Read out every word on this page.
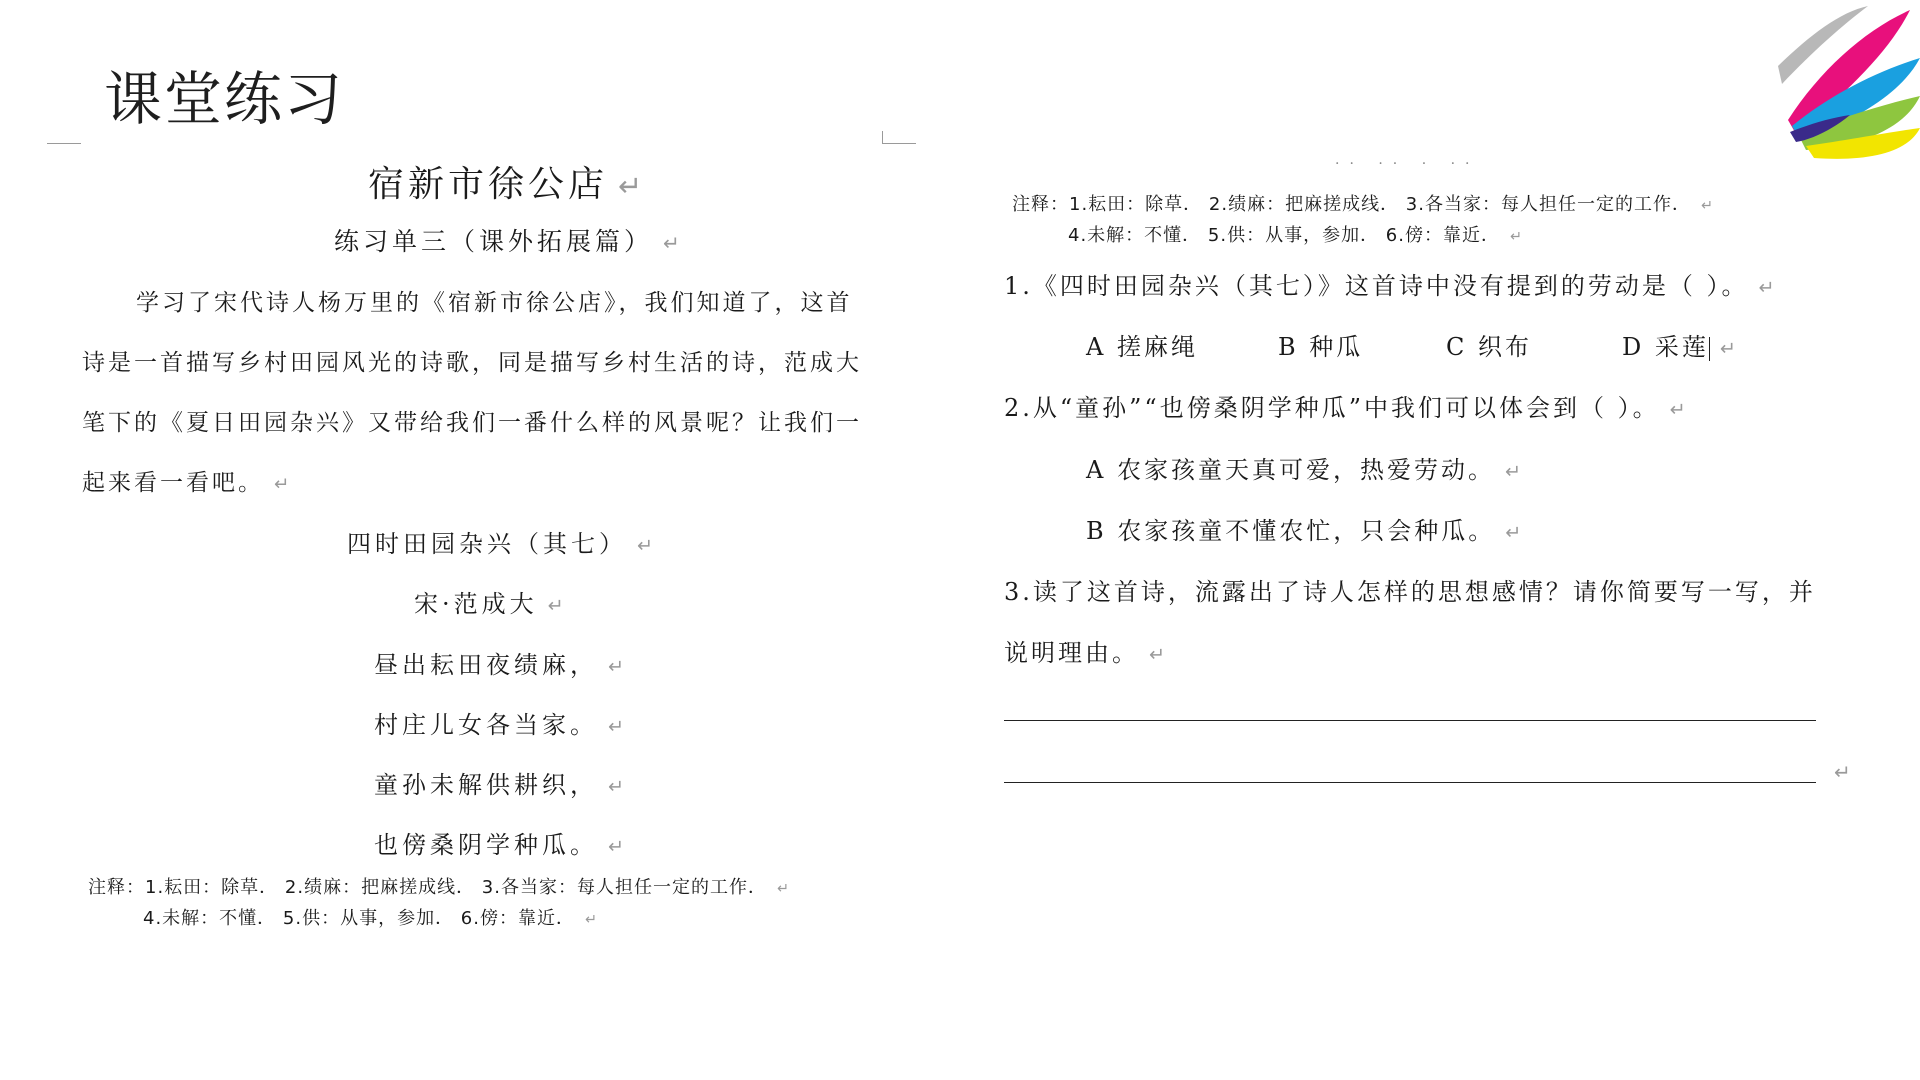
课堂练习
宿新市徐公店 ↵
练习单三（课外拓展篇） ↵
学习了宋代诗人杨万里的《宿新市徐公店》，我们知道了，这首
诗是一首描写乡村田园风光的诗歌，同是描写乡村生活的诗，范成大
笔下的《夏日田园杂兴》又带给我们一番什么样的风景呢？让我们一
起来看一看吧。 ↵
四时田园杂兴（其七） ↵
宋·范成大 ↵
昼出耘田夜绩麻， ↵
村庄儿女各当家。 ↵
童孙未解供耕织， ↵
也傍桑阴学种瓜。 ↵
注释：1.耘田：除草． 2.绩麻：把麻搓成线． 3.各当家：每人担任一定的工作． ↵
4.未解：不懂． 5.供：从事，参加． 6.傍：靠近． ↵
·· ·· · ··
注释：1.耘田：除草． 2.绩麻：把麻搓成线． 3.各当家：每人担任一定的工作． ↵
4.未解：不懂． 5.供：从事，参加． 6.傍：靠近． ↵
1.《四时田园杂兴（其七）》这首诗中没有提到的劳动是（ ）。 ↵
A 搓麻绳	B 种瓜	C 织布	D 采莲 ↵
2.从“童孙”“也傍桑阴学种瓜”中我们可以体会到（ ）。 ↵
A 农家孩童天真可爱，热爱劳动。 ↵
B 农家孩童不懂农忙，只会种瓜。 ↵
3.读了这首诗，流露出了诗人怎样的思想感情？请你简要写一写，并
说明理由。 ↵
↵
